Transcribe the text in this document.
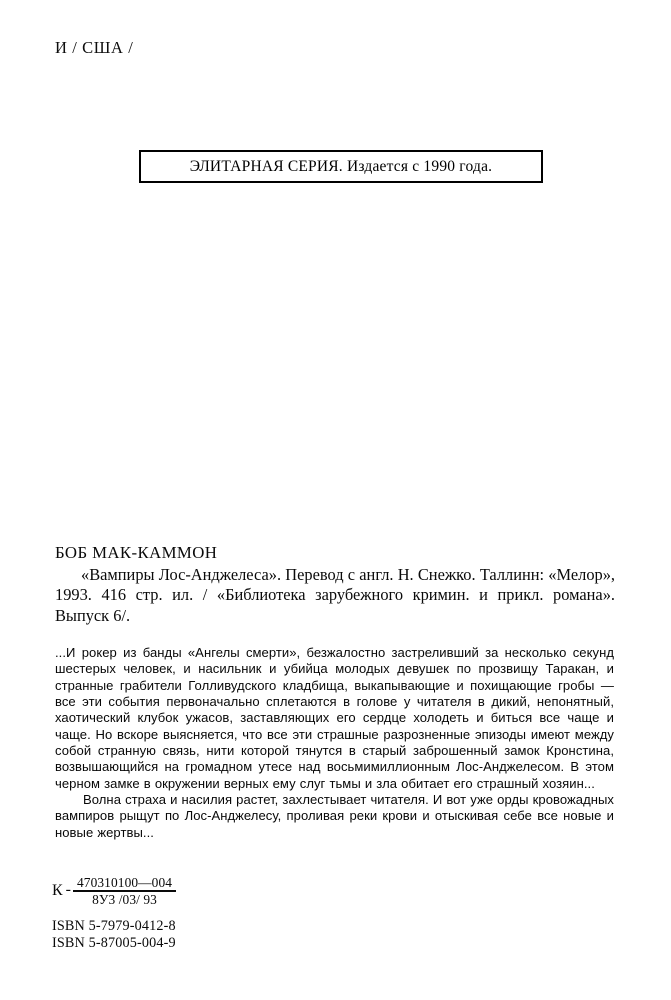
И / США /
ЭЛИТАРНАЯ СЕРИЯ. Издается с 1990 года.
БОБ МАК-КАММОН
«Вампиры Лос-Анджелеса». Перевод с англ. Н. Снежко. Таллинн: «Мелор», 1993. 416 стр. ил. / «Библиотека зарубежного кримин. и прикл. романа». Выпуск 6/.

...И рокер из банды «Ангелы смерти», безжалостно застреливший за несколько секунд шестерых человек, и насильник и убийца молодых девушек по прозвищу Таракан, и странные грабители Голливудского кладбища, выкапывающие и похищающие гробы — все эти события первоначально сплетаются в голове у читателя в дикий, непонятный, хаотический клубок ужасов, заставляющих его сердце холодеть и биться все чаще и чаще. Но вскоре выясняется, что все эти страшные разрозненные эпизоды имеют между собой странную связь, нити которой тянутся в старый заброшенный замок Кронстина, возвышающийся на громадном утесе над восьмимиллионным Лос-Анджелесом. В этом черном замке в окружении верных ему слуг тьмы и зла обитает его страшный хозяин...

Волна страха и насилия растет, захлестывает читателя. И вот уже орды кровожадных вампиров рыщут по Лос-Анджелесу, проливая реки крови и отыскивая себе все новые и новые жертвы...

К - $\frac{470310100—004}{8У3 /03/ 93}$
ISBN 5-7979-0412-8
ISBN 5-87005-004-9
